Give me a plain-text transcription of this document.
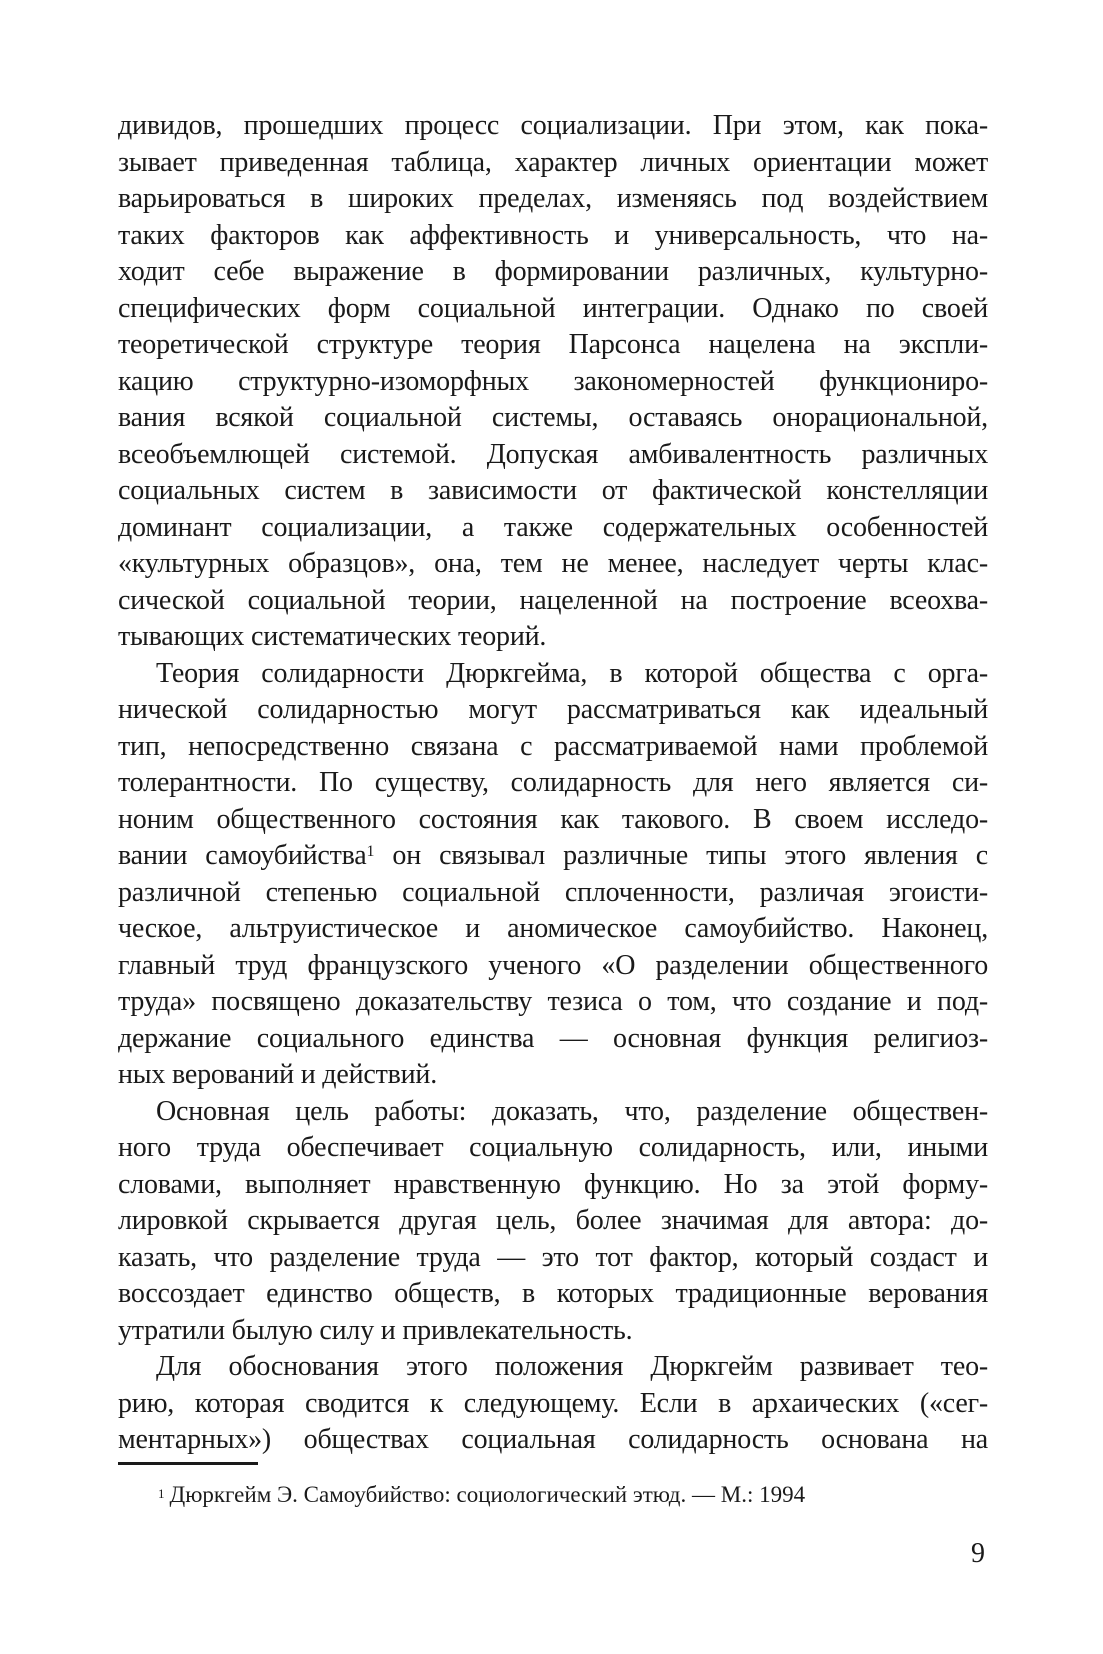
дивидов, прошедших процесс социализации. При этом, как пока-
зывает приведенная таблица, характер личных ориентации может
варьироваться в широких пределах, изменяясь под воздействием
таких факторов как аффективность и универсальность, что на-
ходит себе выражение в формировании различных, культурно-
специфических форм социальной интеграции. Однако по своей
теоретической структуре теория Парсонса нацелена на экспли-
кацию структурно-изоморфных закономерностей функциониро-
вания всякой социальной системы, оставаясь онорациональной,
всеобъемлющей системой. Допуская амбивалентность различных
социальных систем в зависимости от фактической констелляции
доминант социализации, а также содержательных особенностей
«культурных образцов», она, тем не менее, наследует черты клас-
сической социальной теории, нацеленной на построение всеохва-
тывающих систематических теорий.

Теория солидарности Дюркгейма, в которой общества с орга-
нической солидарностью могут рассматриваться как идеальный
тип, непосредственно связана с рассматриваемой нами проблемой
толерантности. По существу, солидарность для него является си-
ноним общественного состояния как такового. В своем исследо-
вании самоубийства$^1$ он связывал различные типы этого явления с
различной степенью социальной сплоченности, различая эгоисти-
ческое, альтруистическое и аномическое самоубийство. Наконец,
главный труд французского ученого «О разделении общественного
труда» посвящено доказательству тезиса о том, что создание и под-
держание социального единства — основная функция религиоз-
ных верований и действий.

Основная цель работы: доказать, что, разделение обществен-
ного труда обеспечивает социальную солидарность, или, иными
словами, выполняет нравственную функцию. Но за этой форму-
лировкой скрывается другая цель, более значимая для автора: до-
казать, что разделение труда — это тот фактор, который создаст и
воссоздает единство обществ, в которых традиционные верования
утратили былую силу и привлекательность.

Для обоснования этого положения Дюркгейм развивает тео-
рию, которая сводится к следующему. Если в архаических («сег-
ментарных») обществах социальная солидарность основана на

$^1$ Дюркгейм Э. Самоубийство: социологический этюд. — М.: 1994
9
